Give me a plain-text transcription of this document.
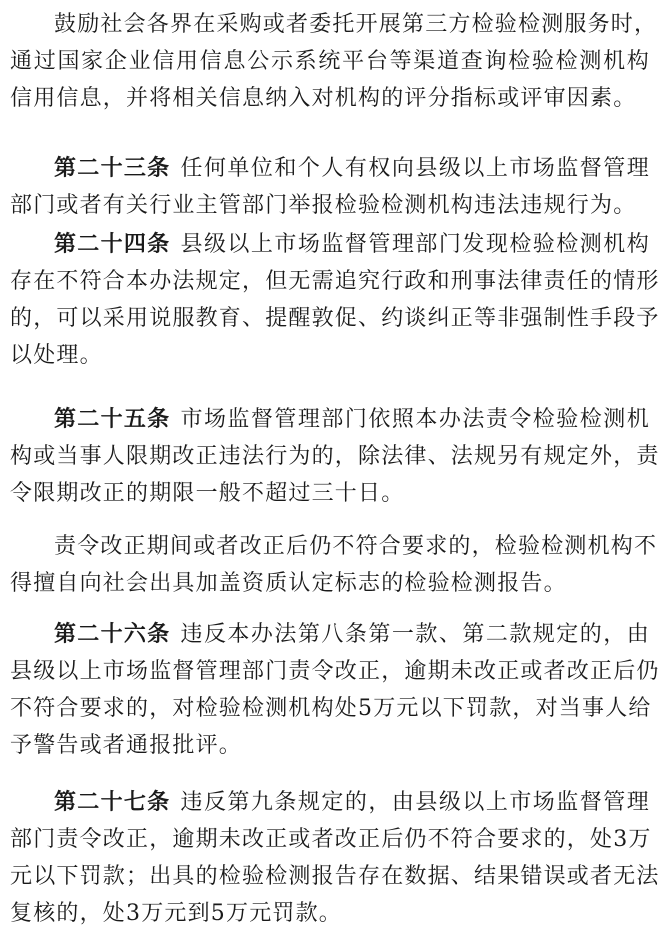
鼓励社会各界在采购或者委托开展第三方检验检测服务时，
通过国家企业信用信息公示系统平台等渠道查询检验检测机构
信用信息，并将相关信息纳入对机构的评分指标或评审因素。
第二十三条 任何单位和个人有权向县级以上市场监督管理
部门或者有关行业主管部门举报检验检测机构违法违规行为。
第二十四条 县级以上市场监督管理部门发现检验检测机构
存在不符合本办法规定，但无需追究行政和刑事法律责任的情形
的，可以采用说服教育、提醒敦促、约谈纠正等非强制性手段予
以处理。
第二十五条 市场监督管理部门依照本办法责令检验检测机
构或当事人限期改正违法行为的，除法律、法规另有规定外，责
令限期改正的期限一般不超过三十日。
责令改正期间或者改正后仍不符合要求的，检验检测机构不
得擅自向社会出具加盖资质认定标志的检验检测报告。
第二十六条 违反本办法第八条第一款、第二款规定的，由
县级以上市场监督管理部门责令改正，逾期未改正或者改正后仍
不符合要求的，对检验检测机构处5万元以下罚款，对当事人给
予警告或者通报批评。
第二十七条 违反第九条规定的，由县级以上市场监督管理
部门责令改正，逾期未改正或者改正后仍不符合要求的，处3万
元以下罚款；出具的检验检测报告存在数据、结果错误或者无法
复核的，处3万元到5万元罚款。
